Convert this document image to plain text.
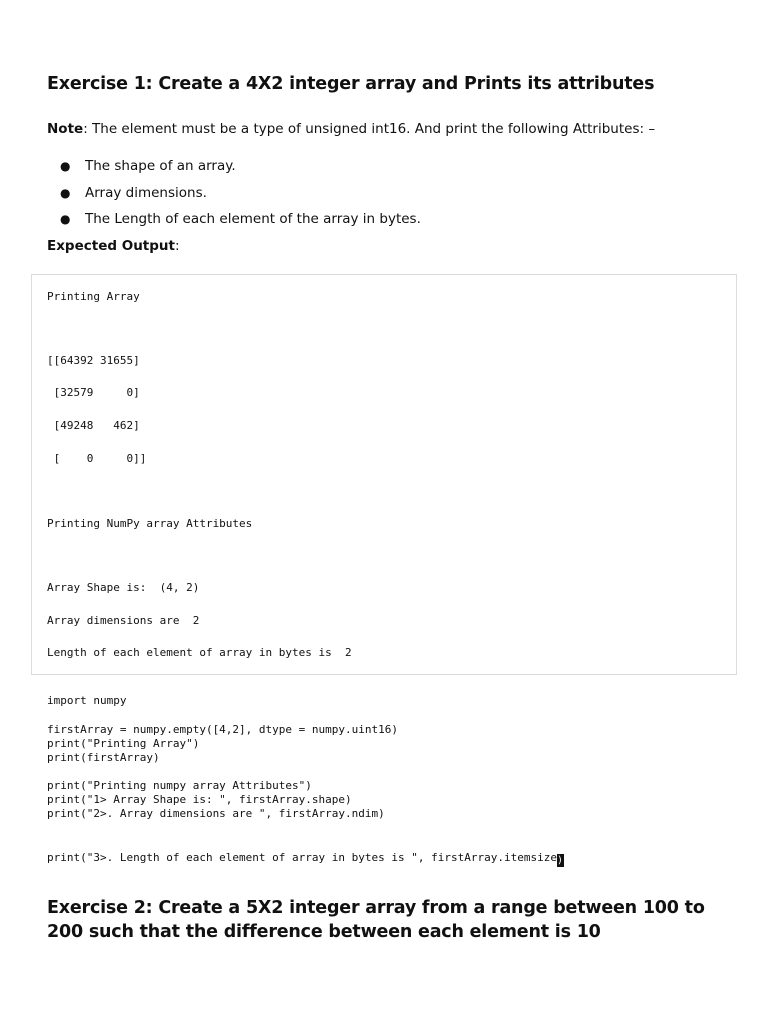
Exercise 1: Create a 4X2 integer array and Prints its attributes

Note: The element must be a type of unsigned int16. And print the following Attributes: –

● The shape of an array.
● Array dimensions.
● The Length of each element of the array in bytes.

Expected Output:

Printing Array
[[64392 31655]
[32579     0]
[49248   462]
[    0     0]]
Printing NumPy array Attributes
Array Shape is:  (4, 2)
Array dimensions are  2
Length of each element of array in bytes is  2
import numpy
firstArray = numpy.empty([4,2], dtype = numpy.uint16)
print("Printing Array")
print(firstArray)
print("Printing numpy array Attributes")
print("1> Array Shape is: ", firstArray.shape)
print("2>. Array dimensions are ", firstArray.ndim)
print("3>. Length of each element of array in bytes is ", firstArray.itemsize )
Exercise 2: Create a 5X2 integer array from a range between 100 to 200 such that the difference between each element is 10
